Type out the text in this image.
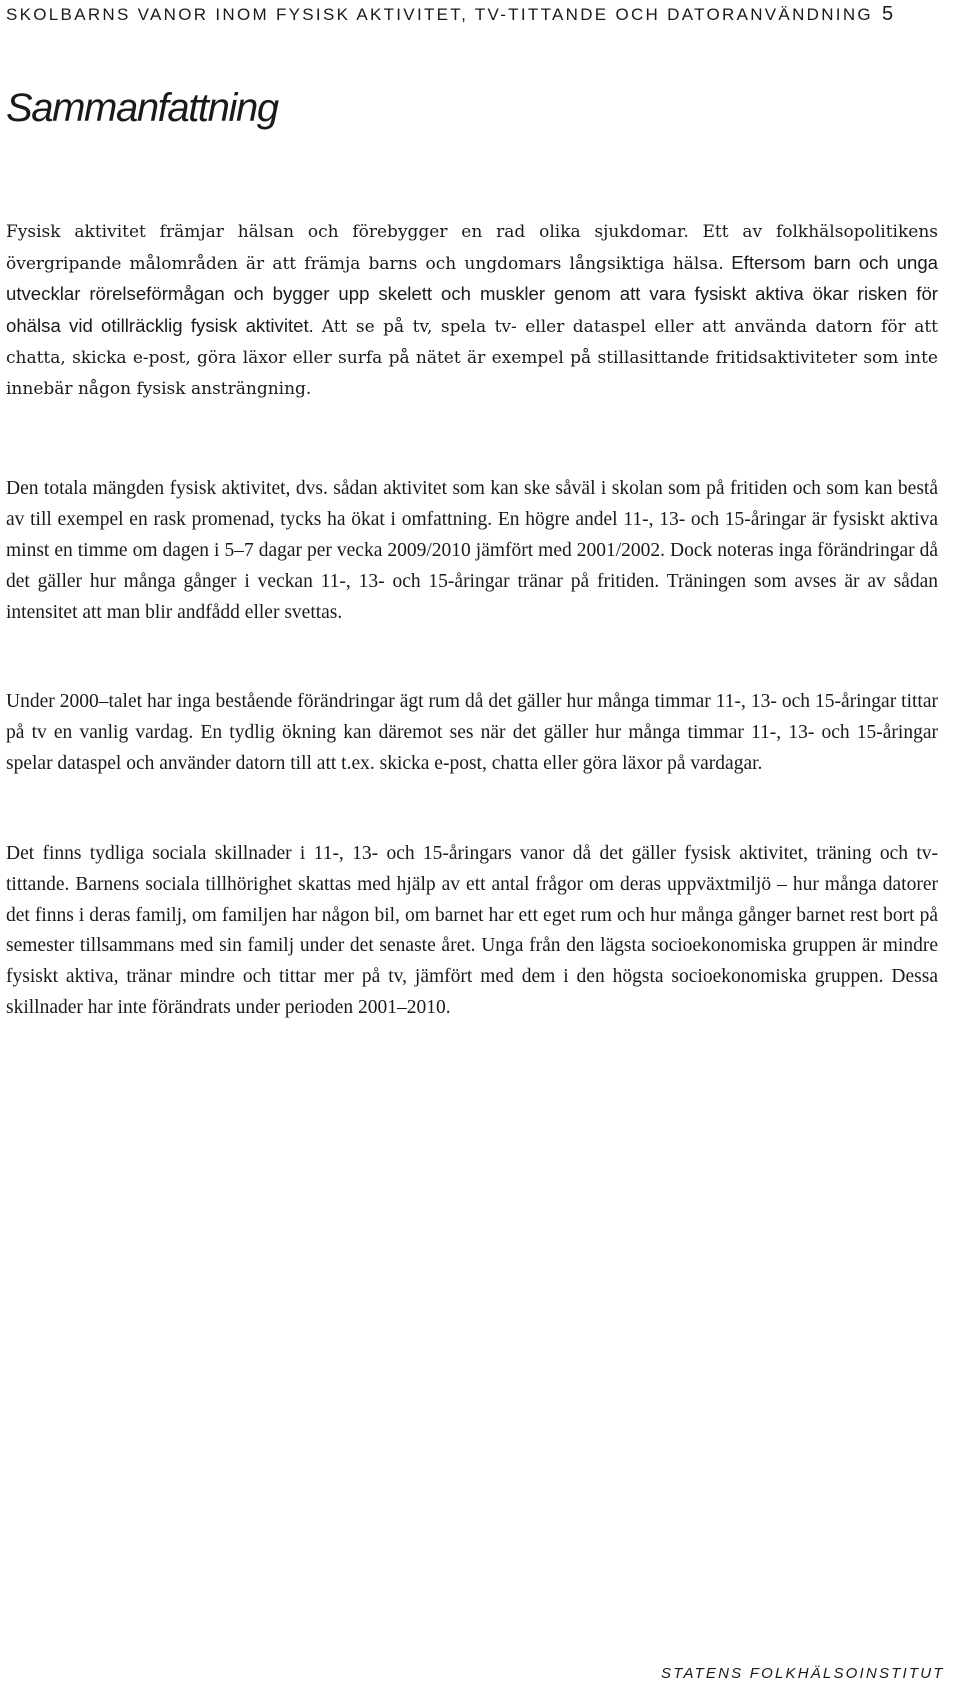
SKOLBARNS VANOR INOM FYSISK AKTIVITET, TV-TITTANDE OCH DATORANVÄNDNING 5
Sammanfattning

Fysisk aktivitet främjar hälsan och förebygger en rad olika sjukdomar. Ett av folkhälsopolitikens övergripande målområden är att främja barns och ungdomars långsiktiga hälsa. Eftersom barn och unga utvecklar rörelseförmågan och bygger upp skelett och muskler genom att vara fysiskt aktiva ökar risken för ohälsa vid otillräcklig fysisk aktivitet. Att se på tv, spela tv- eller dataspel eller att använda datorn för att chatta, skicka e-post, göra läxor eller surfa på nätet är exempel på stillasittande fritidsaktiviteter som inte innebär någon fysisk ansträngning.

Den totala mängden fysisk aktivitet, dvs. sådan aktivitet som kan ske såväl i skolan som på fritiden och som kan bestå av till exempel en rask promenad, tycks ha ökat i omfattning. En högre andel 11-, 13- och 15-åringar är fysiskt aktiva minst en timme om dagen i 5–7 dagar per vecka 2009/2010 jämfört med 2001/2002. Dock noteras inga förändringar då det gäller hur många gånger i veckan 11-, 13- och 15-åringar tränar på fritiden. Träningen som avses är av sådan intensitet att man blir andfådd eller svettas.

Under 2000–talet har inga bestående förändringar ägt rum då det gäller hur många timmar 11-, 13- och 15-åringar tittar på tv en vanlig vardag. En tydlig ökning kan däremot ses när det gäller hur många timmar 11-, 13- och 15-åringar spelar dataspel och använder datorn till att t.ex. skicka e-post, chatta eller göra läxor på vardagar.

Det finns tydliga sociala skillnader i 11-, 13- och 15-åringars vanor då det gäller fysisk aktivitet, träning och tv-tittande. Barnens sociala tillhörighet skattas med hjälp av ett antal frågor om deras uppväxtmiljö – hur många datorer det finns i deras familj, om familjen har någon bil, om barnet har ett eget rum och hur många gånger barnet rest bort på semester tillsammans med sin familj under det senaste året. Unga från den lägsta socioekonomiska gruppen är mindre fysiskt aktiva, tränar mindre och tittar mer på tv, jämfört med dem i den högsta socioekonomiska gruppen. Dessa skillnader har inte förändrats under perioden 2001–2010.

STATENS FOLKHÄLSOINSTITUT
